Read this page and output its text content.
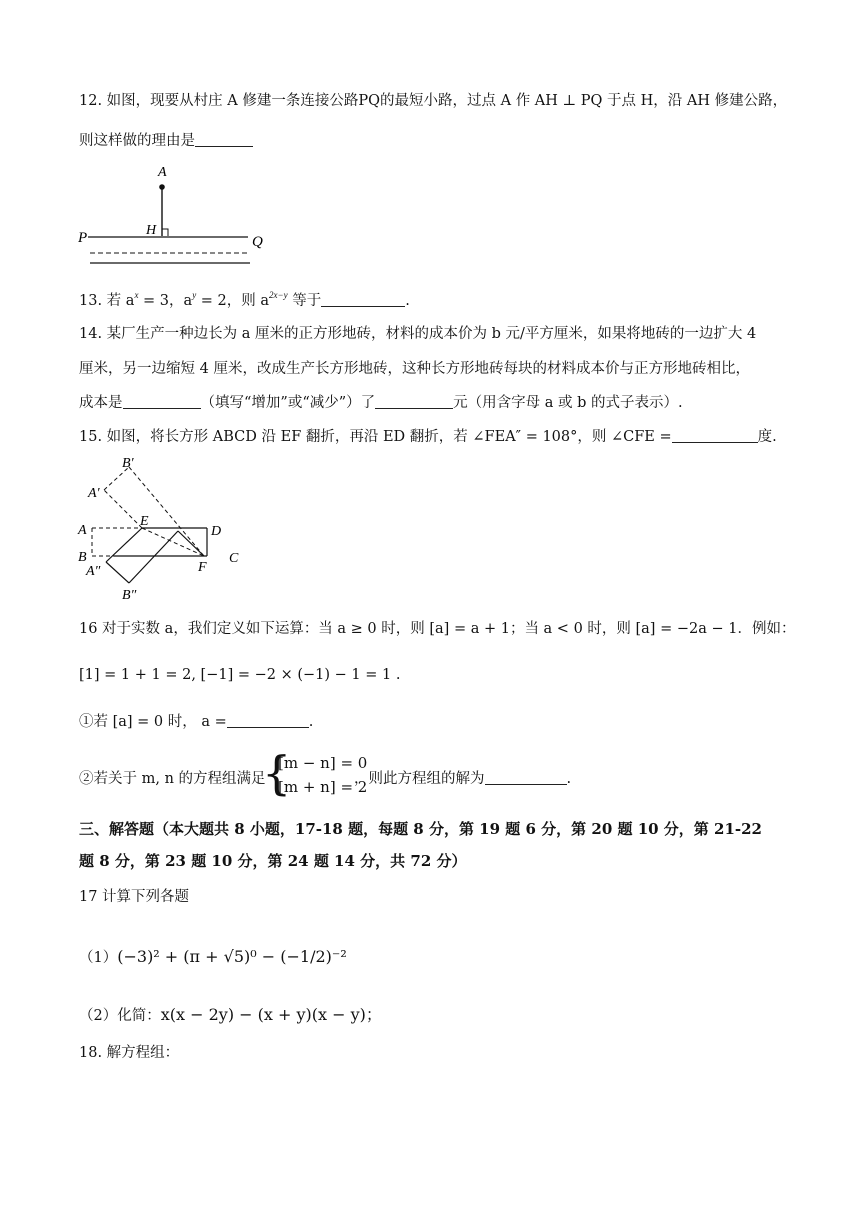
12. 如图，现要从村庄 A 修建一条连接公路PQ的最短小路，过点 A 作 AH ⊥ PQ 于点 H，沿 AH 修建公路，
则这样做的理由是
A
H
P	Q
13. 若 $a^x = 3$，$a^y = 2$，则 $a^{2x-y}$ 等于	.
14. 某厂生产一种边长为 a 厘米的正方形地砖，材料的成本价为 b 元/平方厘米，如果将地砖的一边扩大 4
厘米，另一边缩短 4 厘米，改成生产长方形地砖，这种长方形地砖每块的材料成本价与正方形地砖相比，
成本是	（填写“增加”或“减少”）了	元（用含字母 a 或 b 的式子表示）.
15. 如图，将长方形 ABCD 沿 EF 翻折，再沿 ED 翻折，若 ∠FEA″ = 108°，则 ∠CFE =	度.
B′
A′
A
E
D
B
A″	F
C
B″
16 对于实数 a，我们定义如下运算：当 a ≥ 0 时，则 [a] = a + 1；当 a < 0 时，则 [a] = −2a − 1．例如：
[1] = 1 + 1 = 2, [−1] = −2 × (−1) − 1 = 1 .
①若 [a] = 0 时， a =	.
②若关于 m, n 的方程组满足
{
[m − n] = 0
[m + n] = 2
，则此方程组的解为	.
三、解答题（本大题共 8 小题，17-18 题，每题 8 分，第 19 题 6 分，第 20 题 10 分，第 21-22
题 8 分，第 23 题 10 分，第 24 题 14 分，共 72 分）
17 计算下列各题
（1）(−3)² + (π + √5)⁰ − (−1/2)⁻²
（2）化简：x(x − 2y) − (x + y)(x − y)；
18. 解方程组：
